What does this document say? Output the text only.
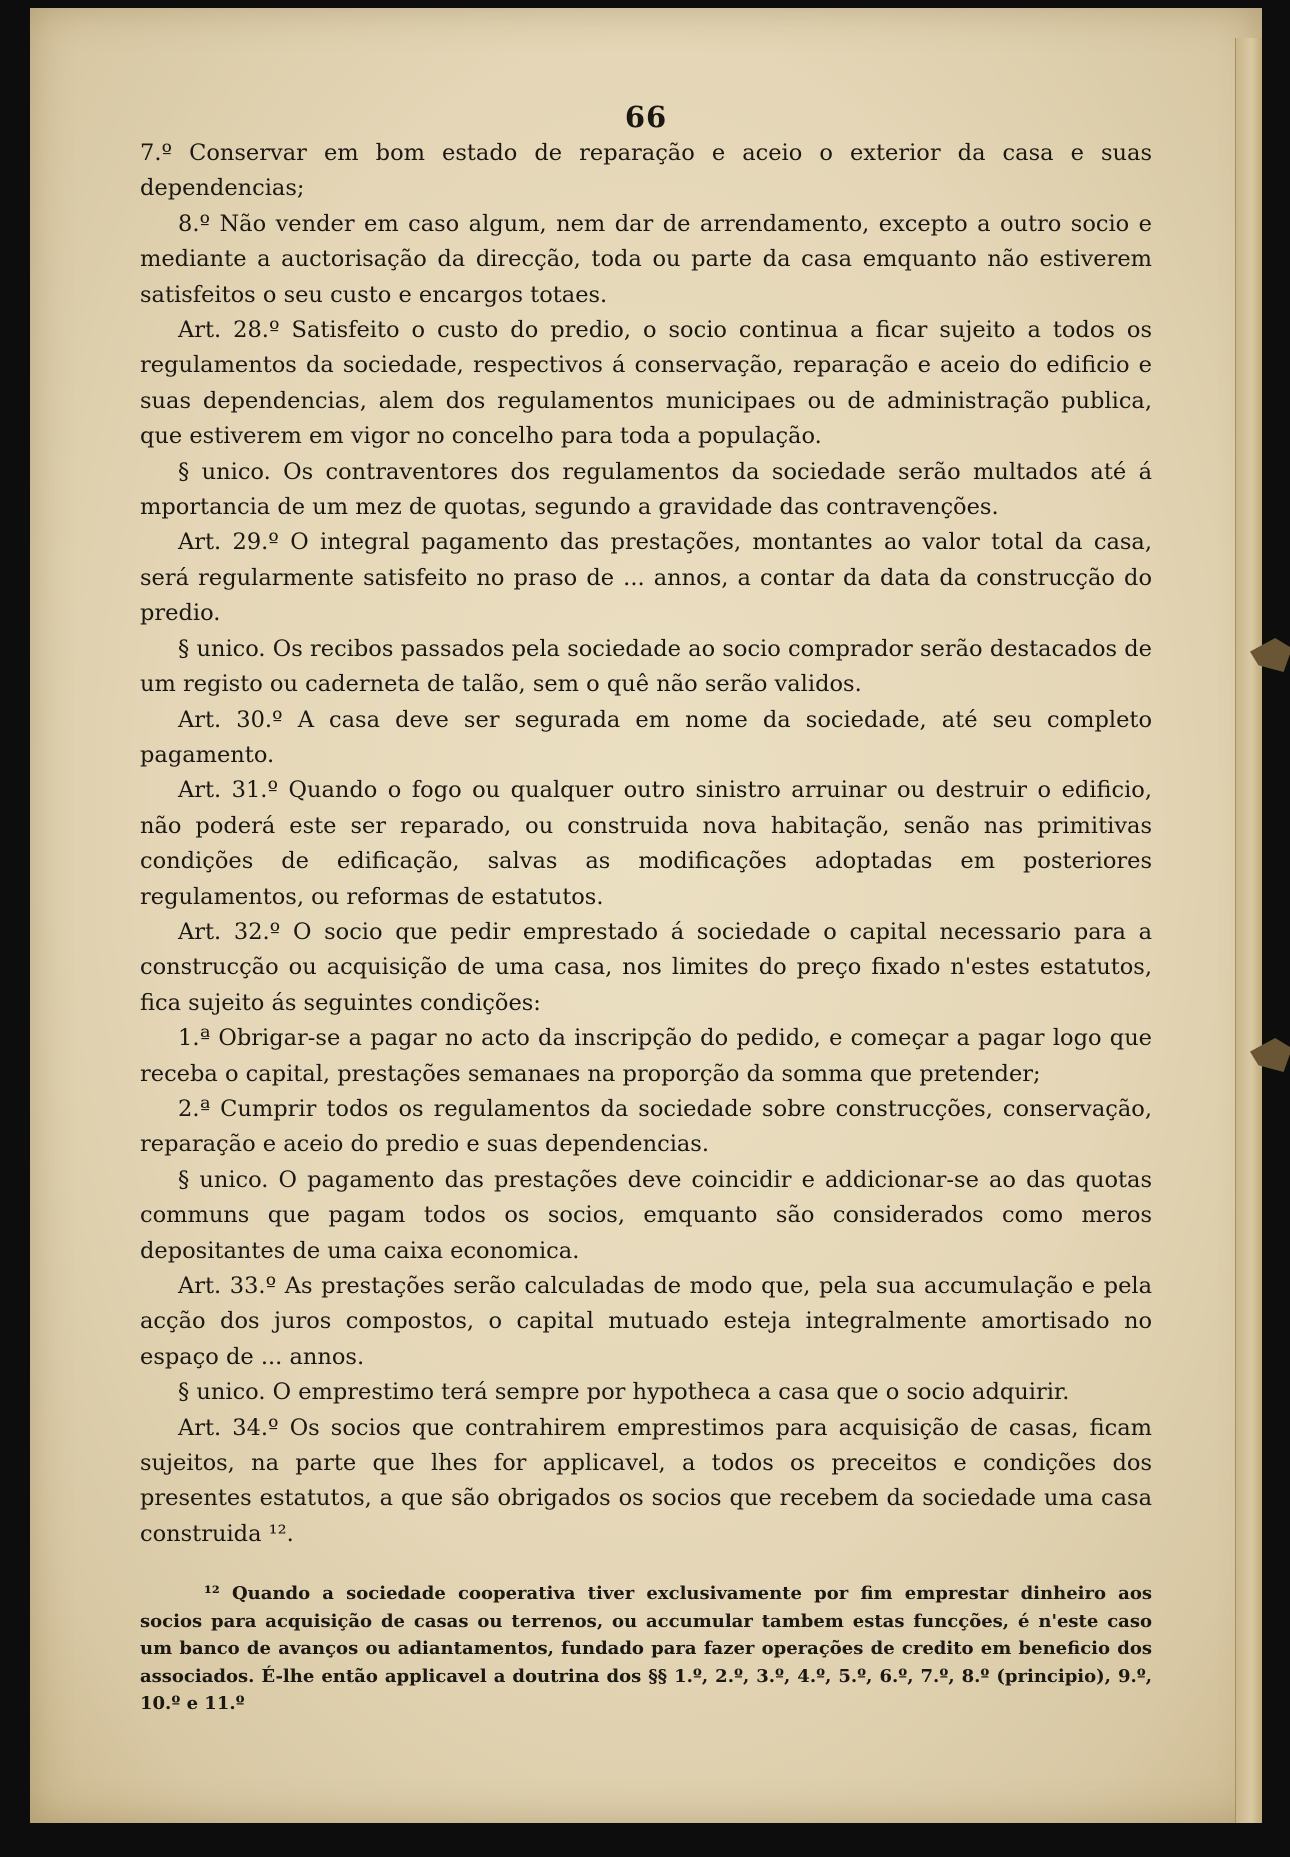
66

7.º Conservar em bom estado de reparação e aceio o exterior da casa e suas dependencias;

8.º Não vender em caso algum, nem dar de arrendamento, excepto a outro socio e mediante a auctorisação da direcção, toda ou parte da casa emquanto não estiverem satisfeitos o seu custo e encargos totaes.

Art. 28.º Satisfeito o custo do predio, o socio continua a ficar sujeito a todos os regulamentos da sociedade, respectivos á conservação, reparação e aceio do edificio e suas dependencias, alem dos regulamentos municipaes ou de administração publica, que estiverem em vigor no concelho para toda a população.

§ unico. Os contraventores dos regulamentos da sociedade serão multados até á mportancia de um mez de quotas, segundo a gravidade das contravenções.

Art. 29.º O integral pagamento das prestações, montantes ao valor total da casa, será regularmente satisfeito no praso de ... annos, a contar da data da construcção do predio.

§ unico. Os recibos passados pela sociedade ao socio comprador serão destacados de um registo ou caderneta de talão, sem o quê não serão validos.

Art. 30.º A casa deve ser segurada em nome da sociedade, até seu completo pagamento.

Art. 31.º Quando o fogo ou qualquer outro sinistro arruinar ou destruir o edificio, não poderá este ser reparado, ou construida nova habitação, senão nas primitivas condições de edificação, salvas as modificações adoptadas em posteriores regulamentos, ou reformas de estatutos.

Art. 32.º O socio que pedir emprestado á sociedade o capital necessario para a construcção ou acquisição de uma casa, nos limites do preço fixado n'estes estatutos, fica sujeito ás seguintes condições:

1.ª Obrigar-se a pagar no acto da inscripção do pedido, e começar a pagar logo que receba o capital, prestações semanaes na proporção da somma que pretender;

2.ª Cumprir todos os regulamentos da sociedade sobre construcções, conservação, reparação e aceio do predio e suas dependencias.

§ unico. O pagamento das prestações deve coincidir e addicionar-se ao das quotas communs que pagam todos os socios, emquanto são considerados como meros depositantes de uma caixa economica.

Art. 33.º As prestações serão calculadas de modo que, pela sua accumulação e pela acção dos juros compostos, o capital mutuado esteja integralmente amortisado no espaço de ... annos.

§ unico. O emprestimo terá sempre por hypotheca a casa que o socio adquirir.

Art. 34.º Os socios que contrahirem emprestimos para acquisição de casas, ficam sujeitos, na parte que lhes for applicavel, a todos os preceitos e condições dos presentes estatutos, a que são obrigados os socios que recebem da sociedade uma casa construida ¹².

¹² Quando a sociedade cooperativa tiver exclusivamente por fim emprestar dinheiro aos socios para acquisição de casas ou terrenos, ou accumular tambem estas funcções, é n'este caso um banco de avanços ou adiantamentos, fundado para fazer operações de credito em beneficio dos associados. É-lhe então applicavel a doutrina dos §§ 1.º, 2.º, 3.º, 4.º, 5.º, 6.º, 7.º, 8.º (principio), 9.º, 10.º e 11.º
